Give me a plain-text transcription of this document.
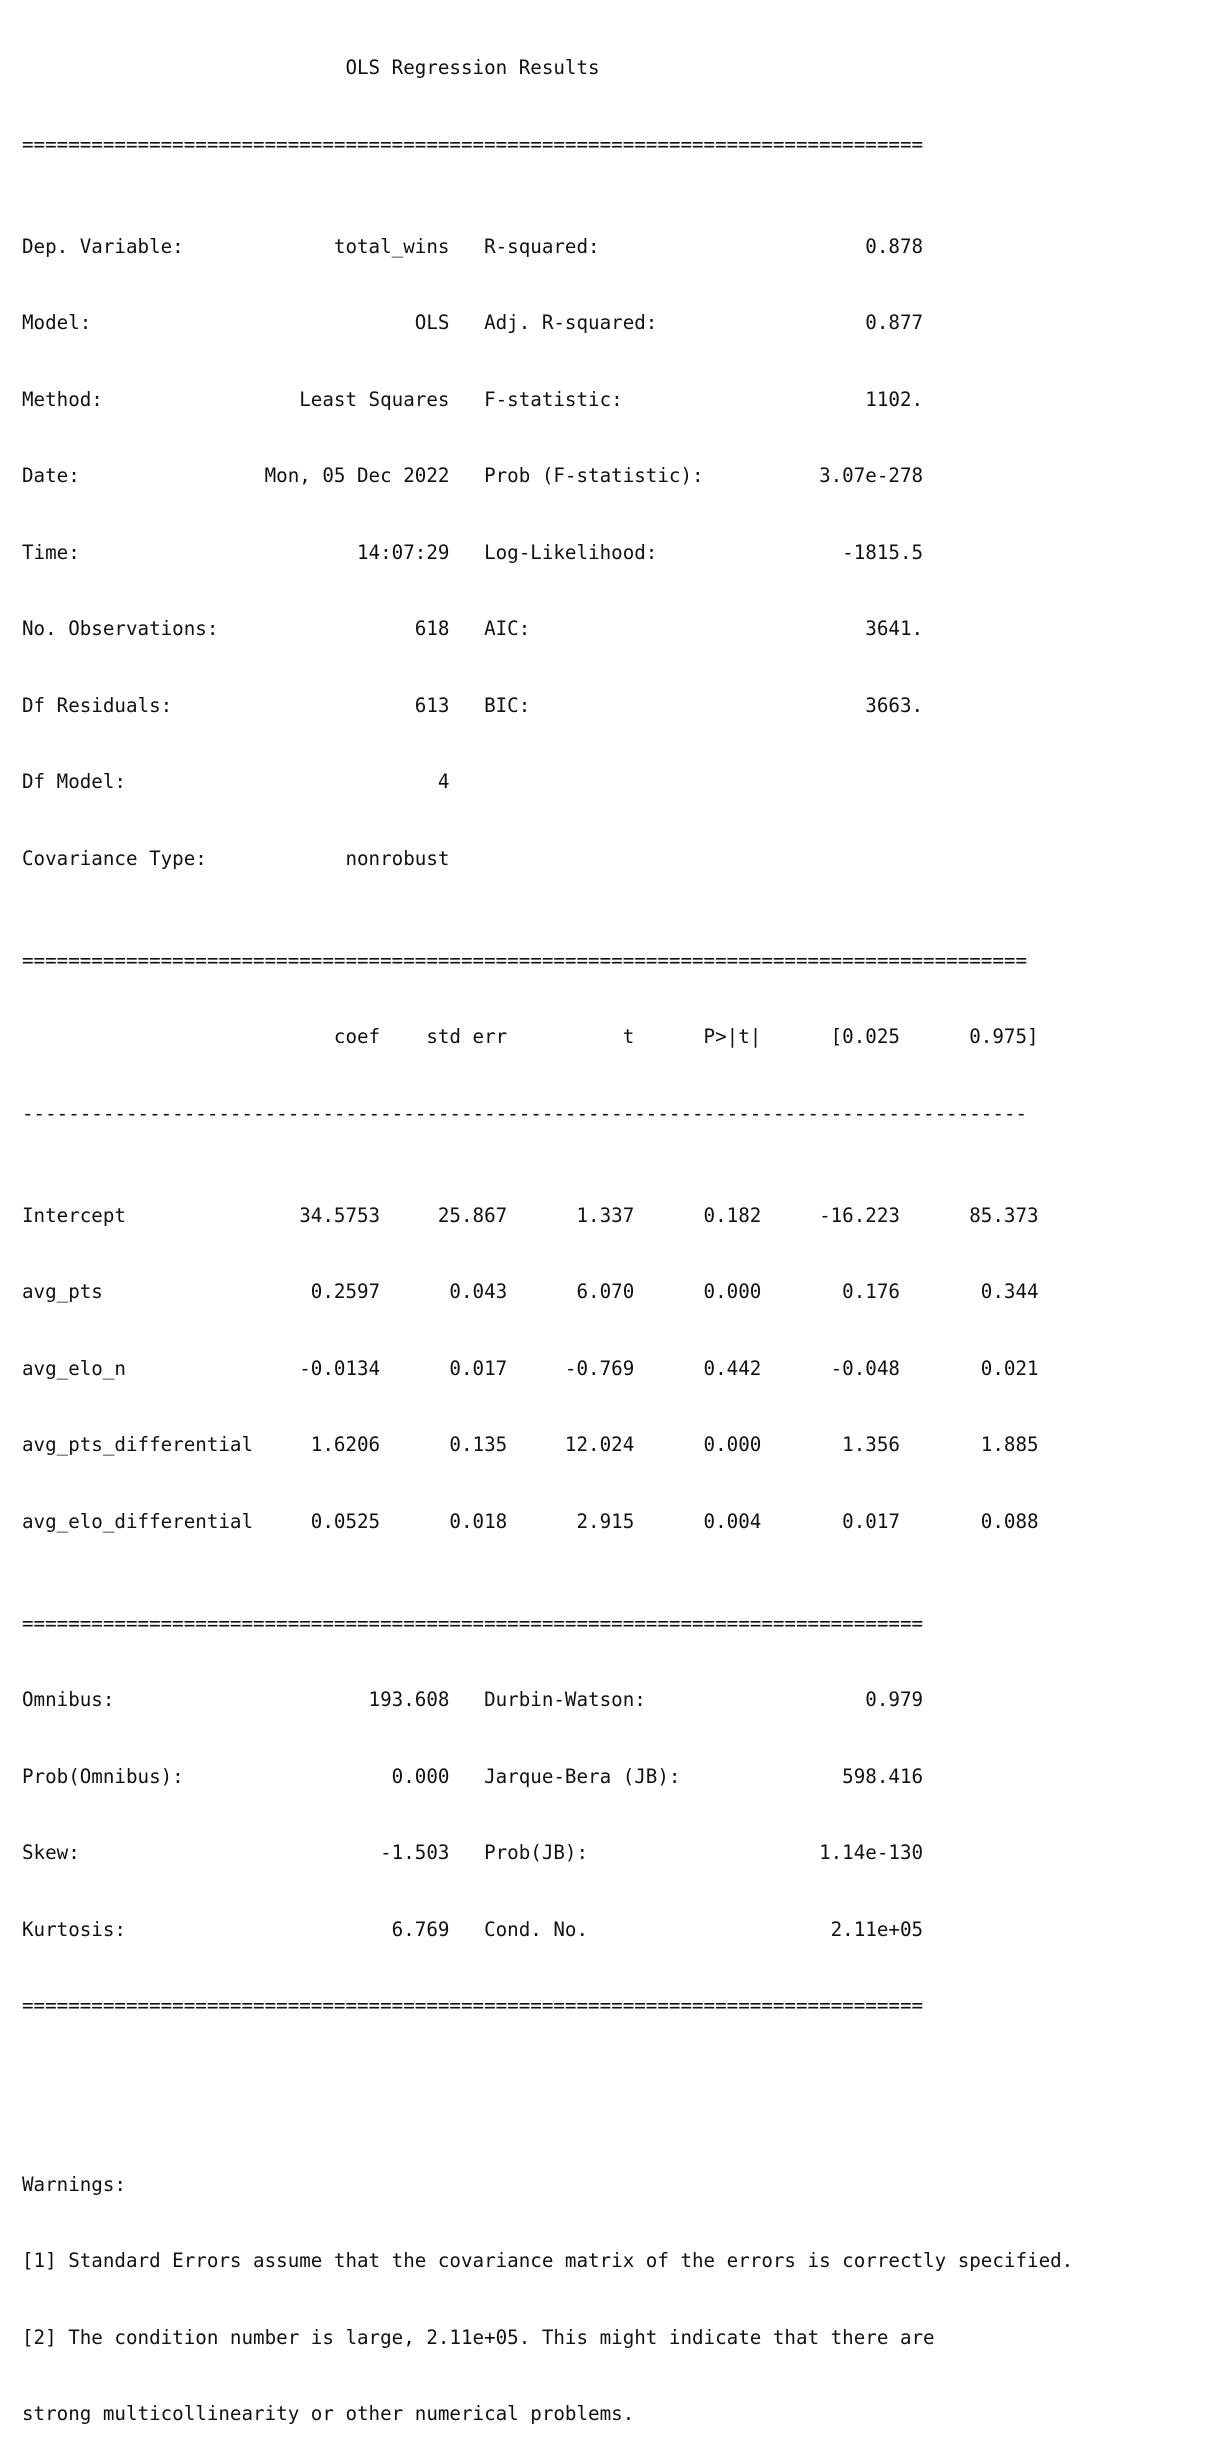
OLS Regression Results

==============================================================================

Dep. Variable:             total_wins   R-squared:                       0.878

Model:                            OLS   Adj. R-squared:                  0.877

Method:                 Least Squares   F-statistic:                     1102.

Date:                Mon, 05 Dec 2022   Prob (F-statistic):          3.07e-278

Time:                        14:07:29   Log-Likelihood:                -1815.5

No. Observations:                 618   AIC:                             3641.

Df Residuals:                     613   BIC:                             3663.

Df Model:                           4

Covariance Type:            nonrobust

=======================================================================================

coef    std err          t      P>|t|      [0.025      0.975]

---------------------------------------------------------------------------------------

Intercept               34.5753     25.867      1.337      0.182     -16.223      85.373

avg_pts                  0.2597      0.043      6.070      0.000       0.176       0.344

avg_elo_n               -0.0134      0.017     -0.769      0.442      -0.048       0.021

avg_pts_differential     1.6206      0.135     12.024      0.000       1.356       1.885

avg_elo_differential     0.0525      0.018      2.915      0.004       0.017       0.088

==============================================================================

Omnibus:                      193.608   Durbin-Watson:                   0.979

Prob(Omnibus):                  0.000   Jarque-Bera (JB):              598.416

Skew:                          -1.503   Prob(JB):                    1.14e-130

Kurtosis:                       6.769   Cond. No.                     2.11e+05

==============================================================================

Warnings:

[1] Standard Errors assume that the covariance matrix of the errors is correctly specified.

[2] The condition number is large, 2.11e+05. This might indicate that there are

strong multicollinearity or other numerical problems.
